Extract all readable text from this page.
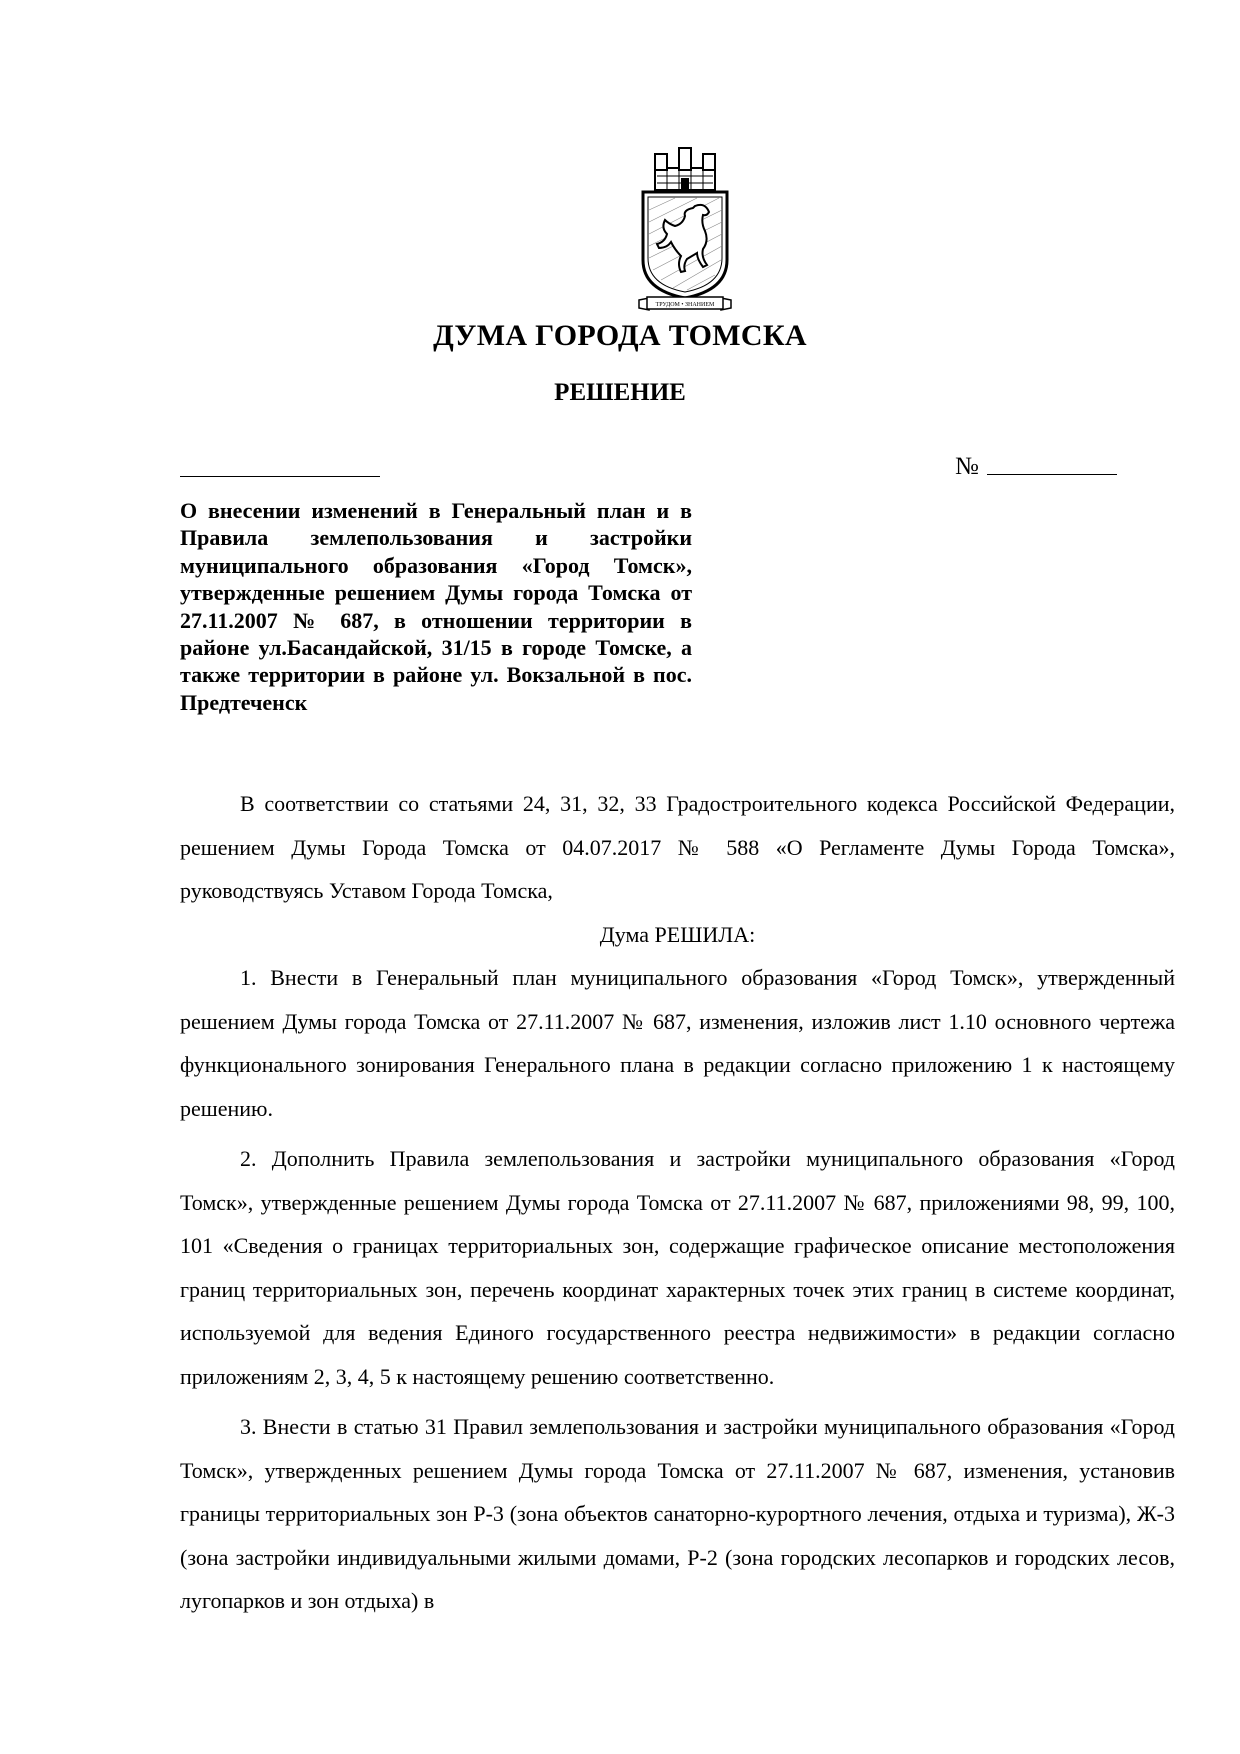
ТРУДОМ • ЗНАНИЕМ
ДУМА ГОРОДА ТОМСКА
РЕШЕНИЕ
№

О внесении изменений в Генеральный план и в Правила землепользования и застройки муниципального образования «Город Томск», утвержденные решением Думы города Томска от 27.11.2007 № 687, в отношении территории в районе ул.Басандайской, 31/15 в городе Томске, а также территории в районе ул. Вокзальной в пос. Предтеченск

В соответствии со статьями 24, 31, 32, 33 Градостроительного кодекса Российской Федерации, решением Думы Города Томска от 04.07.2017 № 588 «О Регламенте Думы Города Томска», руководствуясь Уставом Города Томска,

Дума РЕШИЛА:

1. Внести в Генеральный план муниципального образования «Город Томск», утвержденный решением Думы города Томска от 27.11.2007 № 687, изменения, изложив лист 1.10 основного чертежа функционального зонирования Генерального плана в редакции согласно приложению 1 к настоящему решению.

2. Дополнить Правила землепользования и застройки муниципального образования «Город Томск», утвержденные решением Думы города Томска от 27.11.2007 № 687, приложениями 98, 99, 100, 101 «Сведения о границах территориальных зон, содержащие графическое описание местоположения границ территориальных зон, перечень координат характерных точек этих границ в системе координат, используемой для ведения Единого государственного реестра недвижимости» в редакции согласно приложениям 2, 3, 4, 5 к настоящему решению соответственно.

3. Внести в статью 31 Правил землепользования и застройки муниципального образования «Город Томск», утвержденных решением Думы города Томска от 27.11.2007 № 687, изменения, установив границы территориальных зон Р-3 (зона объектов санаторно-курортного лечения, отдыха и туризма), Ж-3 (зона застройки индивидуальными жилыми домами, Р-2 (зона городских лесопарков и городских лесов, лугопарков и зон отдыха) в
